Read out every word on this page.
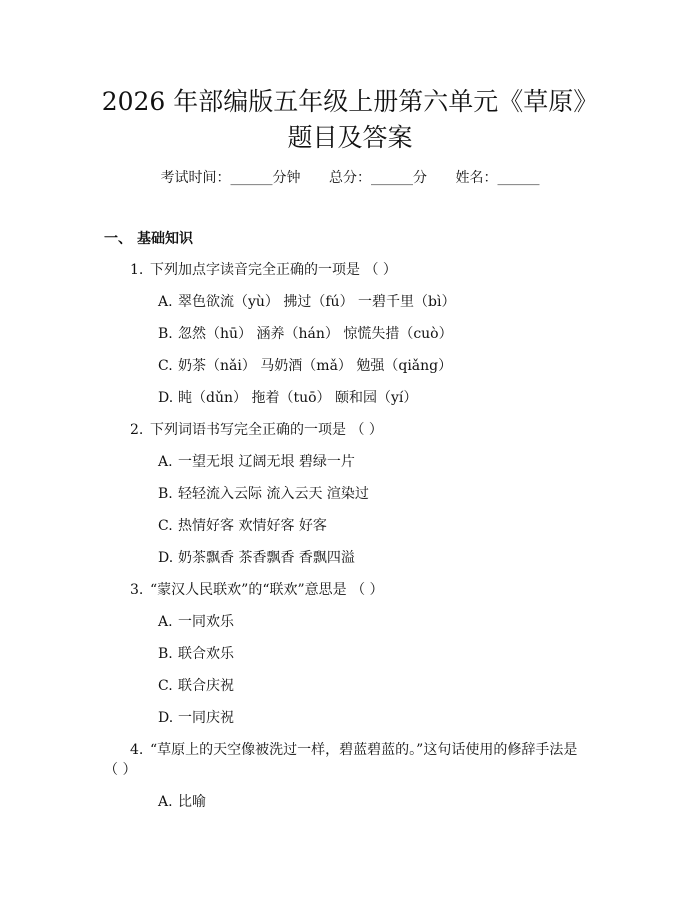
2026 年部编版五年级上册第六单元《草原》
题目及答案
考试时间：______分钟 总分：______分 姓名：______
一、 基础知识
1. 下列加点字读音完全正确的一项是 （ ）
A. 翠色欲流（yù） 拂过（fú） 一碧千里（bì）
B. 忽然（hū） 涵养（hán） 惊慌失措（cuò）
C. 奶茶（nǎi） 马奶酒（mǎ） 勉强（qiǎng）
D. 盹（dǔn） 拖着（tuō） 颐和园（yí）
2. 下列词语书写完全正确的一项是 （ ）
A. 一望无垠 辽阔无垠 碧绿一片
B. 轻轻流入云际 流入云天 渲染过
C. 热情好客 欢情好客 好客
D. 奶茶飘香 茶香飘香 香飘四溢
3. “蒙汉人民联欢”的“联欢”意思是 （ ）
A. 一同欢乐
B. 联合欢乐
C. 联合庆祝
D. 一同庆祝
4. “草原上的天空像被洗过一样，碧蓝碧蓝的。”这句话使用的修辞手法是
（ ）
A. 比喻
